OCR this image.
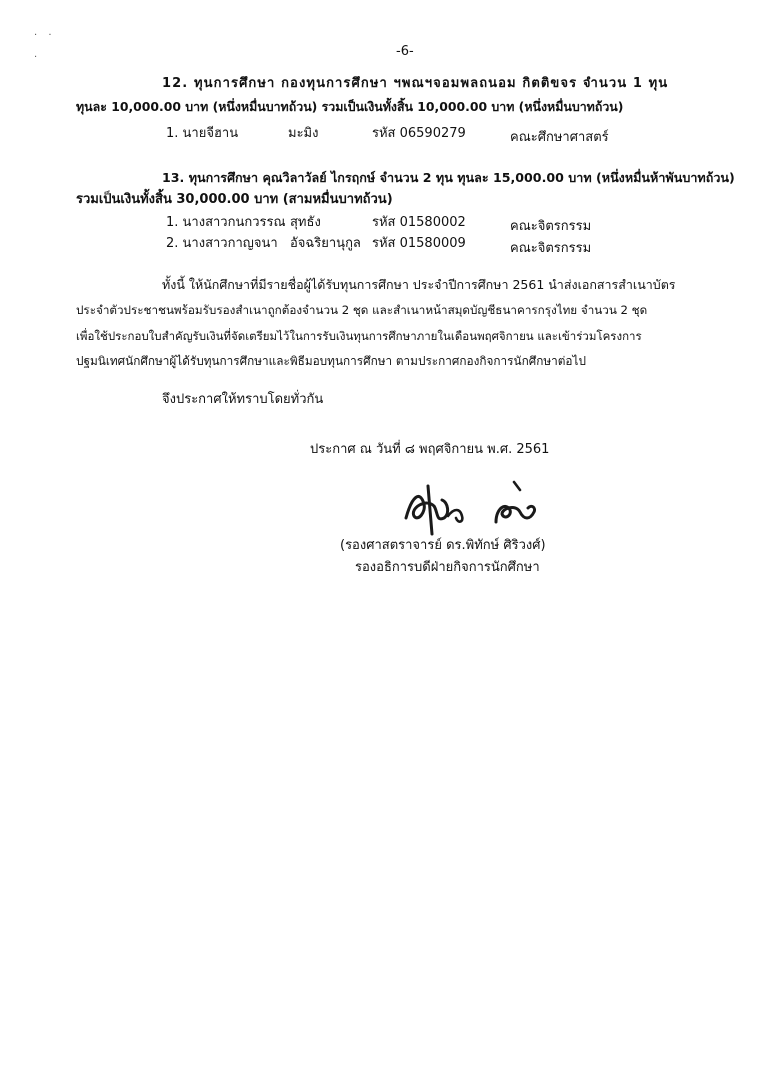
· ·
·	-6-
12. ทุนการศึกษา กองทุนการศึกษา ฯพณฯจอมพลถนอม กิตติขจร จำนวน 1 ทุน
ทุนละ 10,000.00 บาท (หนึ่งหมื่นบาทถ้วน) รวมเป็นเงินทั้งสิ้น 10,000.00 บาท (หนึ่งหมื่นบาทถ้วน)
1. นายจีฮาน	มะมิง	รหัส 06590279	คณะศึกษาศาสตร์
13. ทุนการศึกษา คุณวิลาวัลย์ ไกรฤกษ์ จำนวน 2 ทุน ทุนละ 15,000.00 บาท (หนึ่งหมื่นห้าพันบาทถ้วน)
รวมเป็นเงินทั้งสิ้น 30,000.00 บาท (สามหมื่นบาทถ้วน)
1. นางสาวกนกวรรณ สุทธัง	รหัส 01580002	คณะจิตรกรรม
2. นางสาวกาญจนา อัจฉริยานุกูล รหัส 01580009	คณะจิตรกรรม
ทั้งนี้ ให้นักศึกษาที่มีรายชื่อผู้ได้รับทุนการศึกษา ประจำปีการศึกษา 2561 นำส่งเอกสารสำเนาบัตร
ประจำตัวประชาชนพร้อมรับรองสำเนาถูกต้องจำนวน 2 ชุด และสำเนาหน้าสมุดบัญชีธนาคารกรุงไทย จำนวน 2 ชุด
เพื่อใช้ประกอบใบสำคัญรับเงินที่จัดเตรียมไว้ในการรับเงินทุนการศึกษาภายในเดือนพฤศจิกายน และเข้าร่วมโครงการ
ปฐมนิเทศนักศึกษาผู้ได้รับทุนการศึกษาและพิธีมอบทุนการศึกษา ตามประกาศกองกิจการนักศึกษาต่อไป
จึงประกาศให้ทราบโดยทั่วกัน
ประกาศ ณ วันที่ ๘ พฤศจิกายน พ.ศ. 2561
(รองศาสตราจารย์ ดร.พิทักษ์ ศิริวงศ์)
รองอธิการบดีฝ่ายกิจการนักศึกษา
